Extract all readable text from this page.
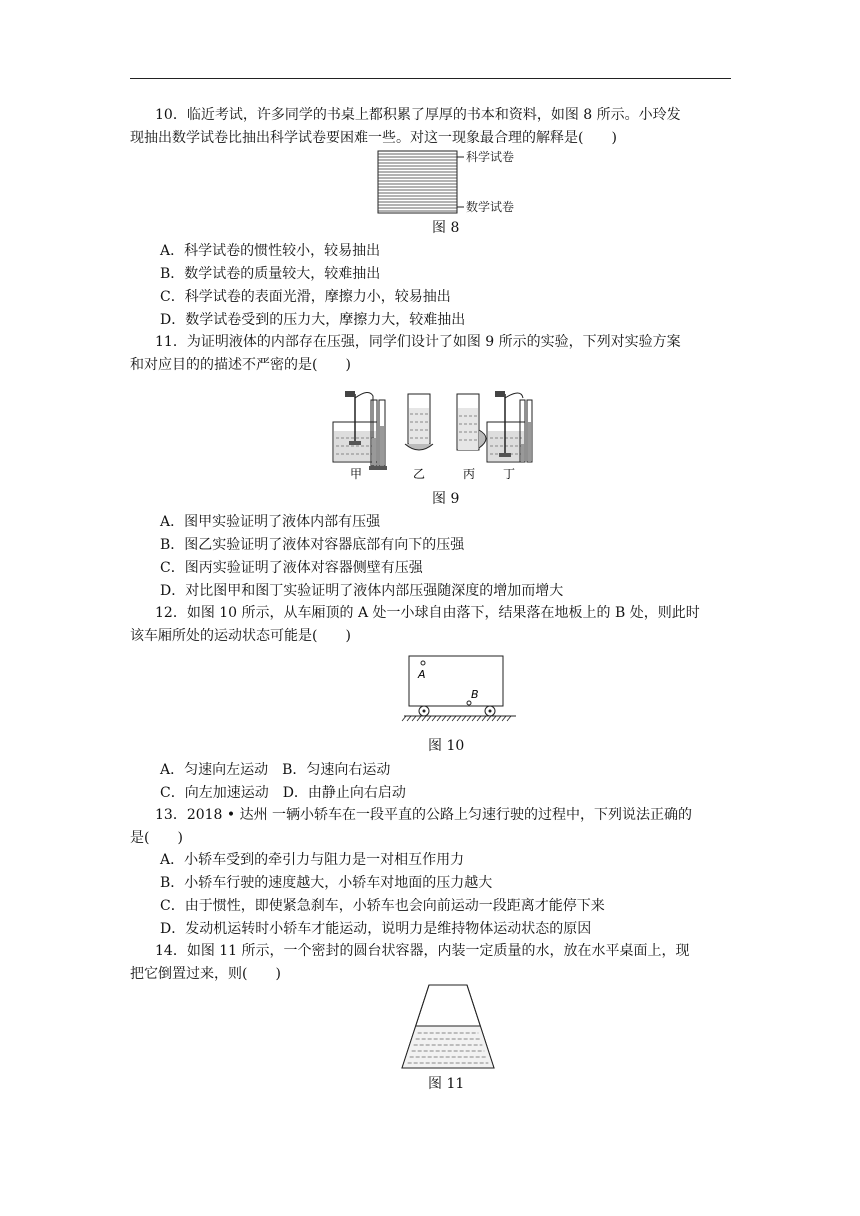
10．临近考试，许多同学的书桌上都积累了厚厚的书本和资料，如图 8 所示。小玲发
现抽出数学试卷比抽出科学试卷要困难一些。对这一现象最合理的解释是(　　)
科学试卷
数学试卷
图 8
A．科学试卷的惯性较小，较易抽出
B．数学试卷的质量较大，较难抽出
C．科学试卷的表面光滑，摩擦力小，较易抽出
D．数学试卷受到的压力大，摩擦力大，较难抽出
11．为证明液体的内部存在压强，同学们设计了如图 9 所示的实验，下列对实验方案
和对应目的的描述不严密的是(　　)
甲	乙	丙 丁
图 9
A．图甲实验证明了液体内部有压强
B．图乙实验证明了液体对容器底部有向下的压强
C．图丙实验证明了液体对容器侧壁有压强
D．对比图甲和图丁实验证明了液体内部压强随深度的增加而增大
12．如图 10 所示，从车厢顶的 A 处一小球自由落下，结果落在地板上的 B 处，则此时
该车厢所处的运动状态可能是(　　)
A
B
图 10
A．匀速向左运动　B．匀速向右运动
C．向左加速运动　D．由静止向右启动
13．2018 • 达州 一辆小轿车在一段平直的公路上匀速行驶的过程中，下列说法正确的
是(　　)
A．小轿车受到的牵引力与阻力是一对相互作用力
B．小轿车行驶的速度越大，小轿车对地面的压力越大
C．由于惯性，即使紧急刹车，小轿车也会向前运动一段距离才能停下来
D．发动机运转时小轿车才能运动，说明力是维持物体运动状态的原因
14．如图 11 所示，一个密封的圆台状容器，内装一定质量的水，放在水平桌面上，现
把它倒置过来，则(　　)
图 11
